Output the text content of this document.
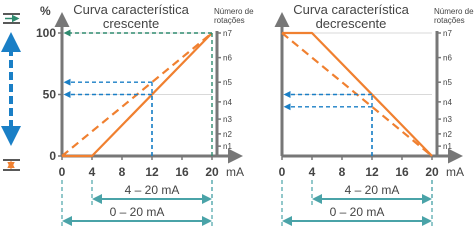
Curva característica
crescente
%	Número de
rotações
mA
0 4 8 12 16 20
0
50
100	n7
n6
n5
n4
n3
n2
n1
4 – 20 mA
0 – 20 mA
Curva característica
decrescente
Número de
rotações
mA
0 4 8 12 16 20
n7
n6
n5
n4
n3
n2
n1
4 – 20 mA
0 – 20 mA
